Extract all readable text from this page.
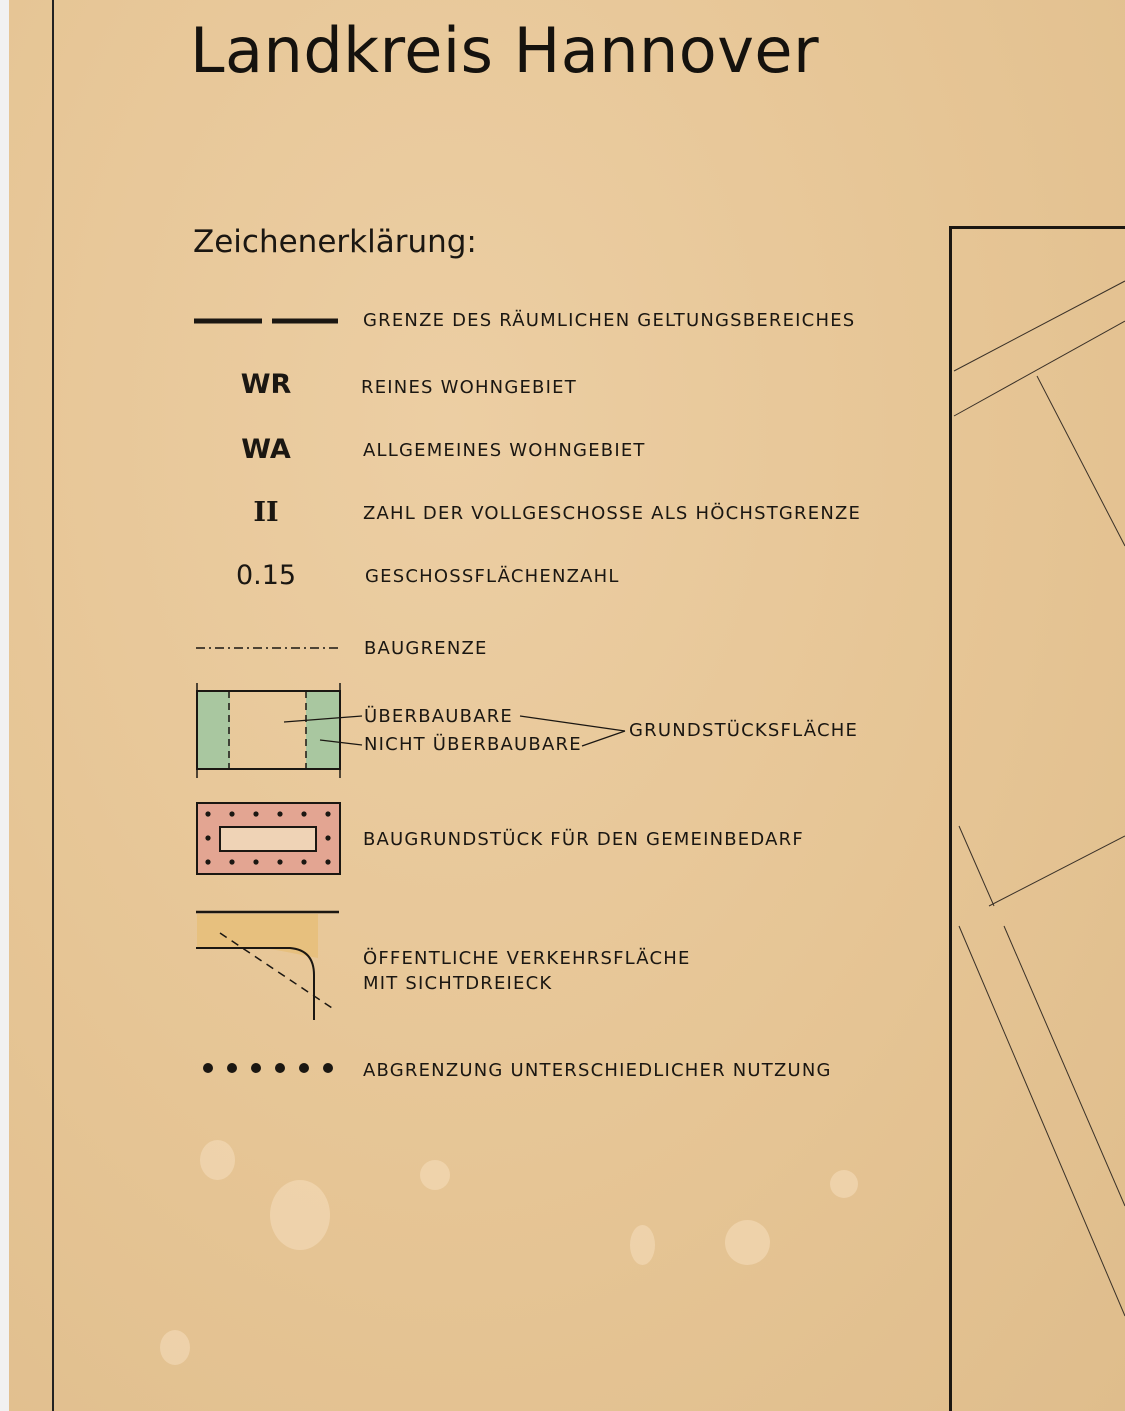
Landkreis Hannover
Zeichenerklärung:
WR
WA
II
0.15
GRENZE DES RÄUMLICHEN GELTUNGSBEREICHES
REINES WOHNGEBIET
ALLGEMEINES WOHNGEBIET
ZAHL DER VOLLGESCHOSSE ALS HÖCHSTGRENZE
GESCHOSSFLÄCHENZAHL
BAUGRENZE
ÜBERBAUBARE
NICHT ÜBERBAUBARE
GRUNDSTÜCKSFLÄCHE
BAUGRUNDSTÜCK FÜR DEN GEMEINBEDARF
ÖFFENTLICHE VERKEHRSFLÄCHE
MIT SICHTDREIECK
ABGRENZUNG UNTERSCHIEDLICHER NUTZUNG
